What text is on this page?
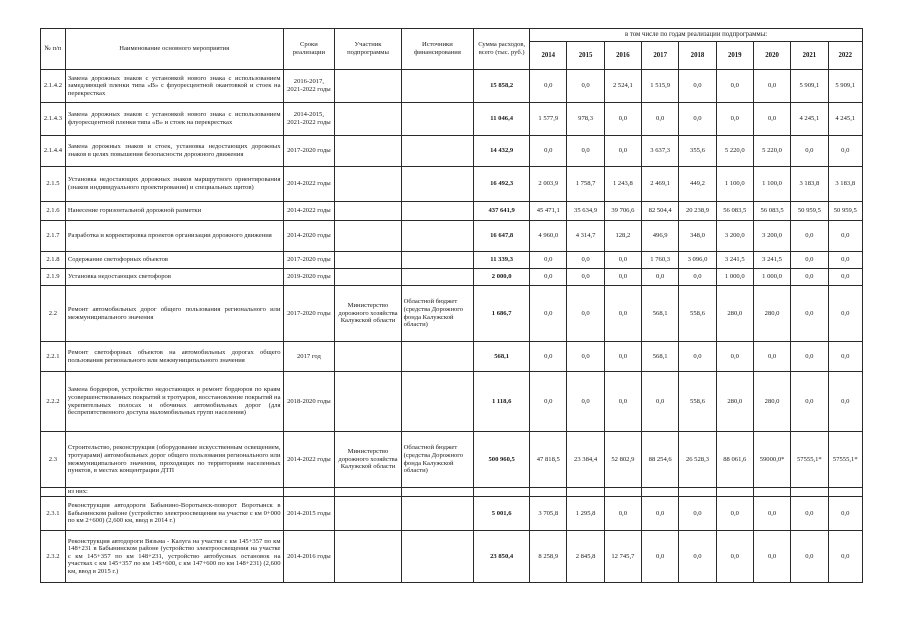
№ п/п	Наименование основного мероприятия	Сроки реализации	Участник подпрограммы	Источники финансирования	Сумма расходов, всего (тыс. руб.)	в том числе по годам реализации подпрограммы:								
						2014	2015	2016	2017	2018	2019	2020	2021	2022
2.1.4.2	Замена дорожных знаков с установкой нового знака с использованием замедляющей пленки типа «В» с флуоресцентной окантовкой и стоек на перекрестках	2016-2017, 2021-2022 годы			15 858,2	0,0	0,0	2 524,1	1 515,9	0,0	0,0	0,0	5 909,1	5 909,1
2.1.4.3	Замена дорожных знаков с установкой нового знака с использованием флуоресцентной пленки типа «В» и стоек на перекрестках	2014-2015, 2021-2022 годы			11 046,4	1 577,9	978,3	0,0	0,0	0,0	0,0	0,0	4 245,1	4 245,1
2.1.4.4	Замена дорожных знаков и стоек, установка недостающих дорожных знаков в целях повышения безопасности дорожного движения	2017-2020 годы			14 432,9	0,0	0,0	0,0	3 637,3	355,6	5 220,0	5 220,0	0,0	0,0
2.1.5	Установка недостающих дорожных знаков маршрутного ориентирования (знаков индивидуального проектирования) и специальных щитов)	2014-2022 годы			16 492,3	2 003,9	1 758,7	1 243,8	2 469,1	449,2	1 100,0	1 100,0	3 183,8	3 183,8
2.1.6	Нанесение горизонтальной дорожной разметки	2014-2022 годы			437 641,9	45 471,1	35 634,9	39 706,6	82 504,4	20 238,9	56 083,5	56 083,5	50 959,5	50 959,5
2.1.7	Разработка и корректировка проектов организации дорожного движения	2014-2020 годы			16 647,8	4 960,0	4 314,7	128,2	496,9	348,0	3 200,0	3 200,0	0,0	0,0
2.1.8	Содержание светофорных объектов	2017-2020 годы			11 339,3	0,0	0,0	0,0	1 760,3	3 096,0	3 241,5	3 241,5	0,0	0,0
2.1.9	Установка недостающих светофоров	2019-2020 годы			2 000,0	0,0	0,0	0,0	0,0	0,0	1 000,0	1 000,0	0,0	0,0
2.2	Ремонт автомобильных дорог общего пользования регионального или межмуниципального значения	2017-2020 годы	Министерство дорожного хозяйства Калужской области	Областной бюджет (средства Дорожного фонда Калужской области)	1 686,7	0,0	0,0	0,0	568,1	558,6	280,0	280,0	0,0	0,0
2.2.1	Ремонт светофорных объектов на автомобильных дорогах общего пользования регионального или межмуниципального значения	2017 год			568,1	0,0	0,0	0,0	568,1	0,0	0,0	0,0	0,0	0,0
2.2.2	Замена бордюров, устройство недостающих и ремонт бордюров по краям усовершенствованных покрытий и тротуаров, восстановление покрытий на укрепительных полосах и обочинах автомобильных дорог (для беспрепятственного доступа маломобильных групп населения)	2018-2020 годы			1 118,6	0,0	0,0	0,0	0,0	558,6	280,0	280,0	0,0	0,0
2.3	Строительство, реконструкция (оборудование искусственным освещением, тротуарами) автомобильных дорог общего пользования регионального или межмуниципального значения, проходящих по территориям населенных пунктов, в местах концентрации ДТП	2014-2022 годы	Министерство дорожного хозяйства Калужской области	Областной бюджет (средства Дорожного фонда Калужской области)	500 960,5	47 818,5	23 384,4	52 802,9	88 254,6	26 528,3	88 061,6	59000,0*	57555,1*	57555,1*
	из них:													
2.3.1	Реконструкция автодороги Бабынино-Воротынск-поворот Воротынск в Бабынинском районе (устройство электроосвещения на участке с км 0+000 по км 2+600) (2,600 км, ввод в 2014 г.)	2014-2015 годы			5 001,6	3 705,8	1 295,8	0,0	0,0	0,0	0,0	0,0	0,0	0,0
2.3.2	Реконструкция автодороги Вязьма - Калуга на участке с км 145+357 по км 148+231 в Бабынинском районе (устройство электроосвещения на участке с км 145+357 по км 148+231, устройство автобусных остановок на участках с км 145+357 по км 145+600, с км 147+600 по км 148+231) (2,600 км, ввод в 2015 г.)	2014-2016 годы			23 850,4	8 258,9	2 845,8	12 745,7	0,0	0,0	0,0	0,0	0,0	0,0
